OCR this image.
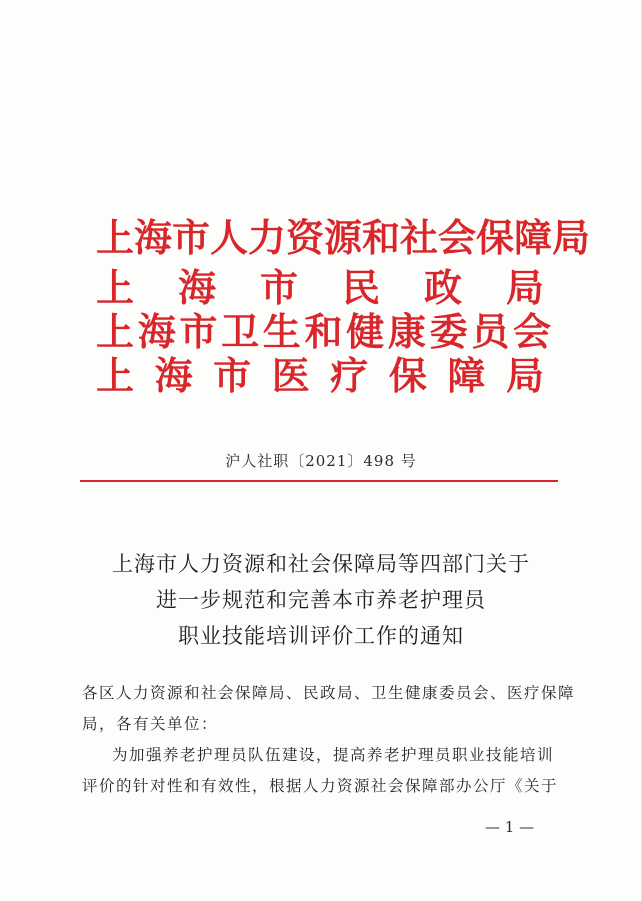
上海市人力资源和社会保障局
上 海 市 民 政 局
上海市卫生和健康委员会
上 海 市 医 疗 保 障 局
沪人社职〔2021〕498 号
上海市人力资源和社会保障局等四部门关于
进一步规范和完善本市养老护理员
职业技能培训评价工作的通知
各区人力资源和社会保障局、民政局、卫生健康委员会、医疗保障
局，各有关单位：
为加强养老护理员队伍建设，提高养老护理员职业技能培训
评价的针对性和有效性，根据人力资源社会保障部办公厅《关于
— 1 —
